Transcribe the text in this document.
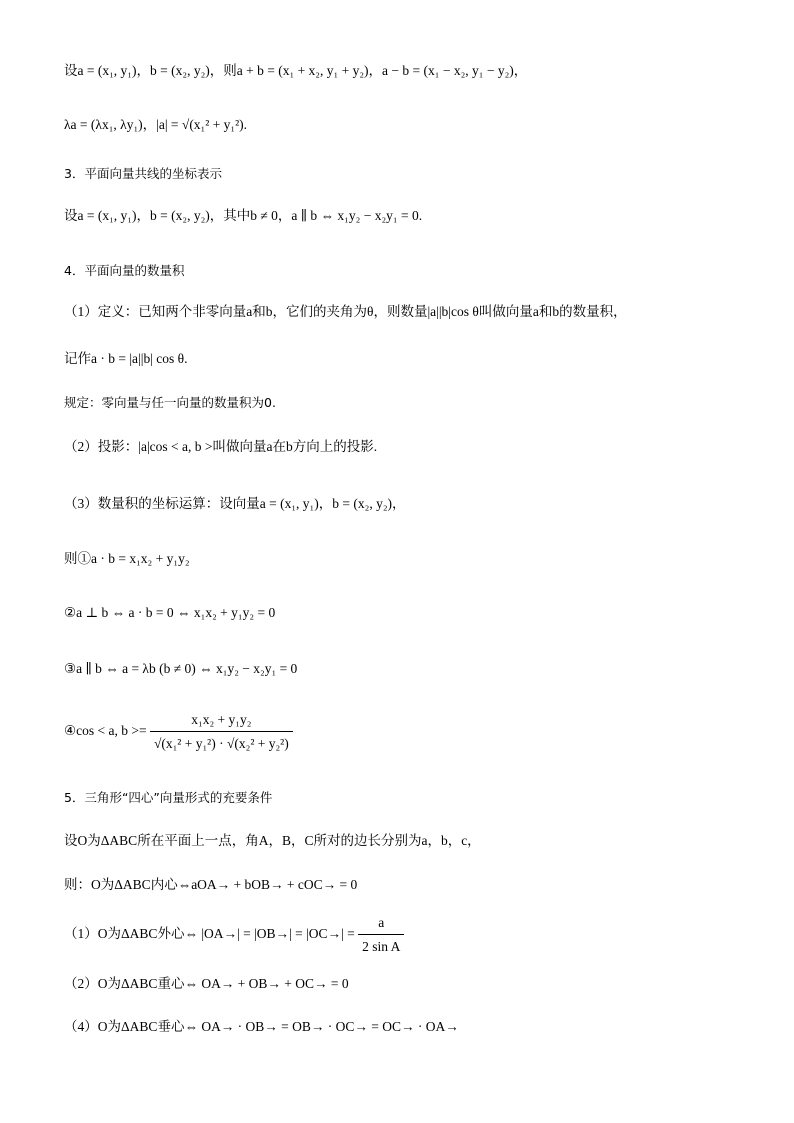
设a = (x₁, y₁)，b = (x₂, y₂)，则a + b = (x₁ + x₂, y₁ + y₂)，a − b = (x₁ − x₂, y₁ − y₂)，
λa = (λx₁, λy₁)，|a| = √(x₁² + y₁²).
3．平面向量共线的坐标表示
设a = (x₁, y₁)，b = (x₂, y₂)，其中b ≠ 0，a ∥ b ⇔ x₁y₂ − x₂y₁ = 0.
4．平面向量的数量积
（1）定义：已知两个非零向量a和b，它们的夹角为θ，则数量|a||b|cos θ叫做向量a和b的数量积，
记作a · b = |a||b| cos θ.
规定：零向量与任一向量的数量积为0.
（2）投影：|a|cos < a, b >叫做向量a在b方向上的投影.
（3）数量积的坐标运算：设向量a = (x₁, y₁)，b = (x₂, y₂)，
则①a · b = x₁x₂ + y₁y₂
②a ⊥ b ⇔ a · b = 0 ⇔ x₁x₂ + y₁y₂ = 0
③a ∥ b ⇔ a = λb (b ≠ 0) ⇔ x₁y₂ − x₂y₁ = 0
④cos < a, $b >= \frac{\text{x₁x₂ + y₁y₂}}{\text{√(x₁² + y₁²) · √(x₂² + y₂²)}}$
5．三角形“四心”向量形式的充要条件
设O为ΔABC所在平面上一点，角A，B，C所对的边长分别为a，b，c，
则：O为ΔABC内心⇔aOA→ + bOB→ + cOC→ = 0
（1）O为ΔABC外心⇔ $|OA\to| = |OB\to| = |OC\to| = \frac{a}{\text{2 sin A}}$
（2）O为ΔABC重心⇔ OA→ + OB→ + OC→ = 0
（4）O为ΔABC垂心⇔ OA→ · OB→ = OB→ · OC→ = OC→ · OA→
